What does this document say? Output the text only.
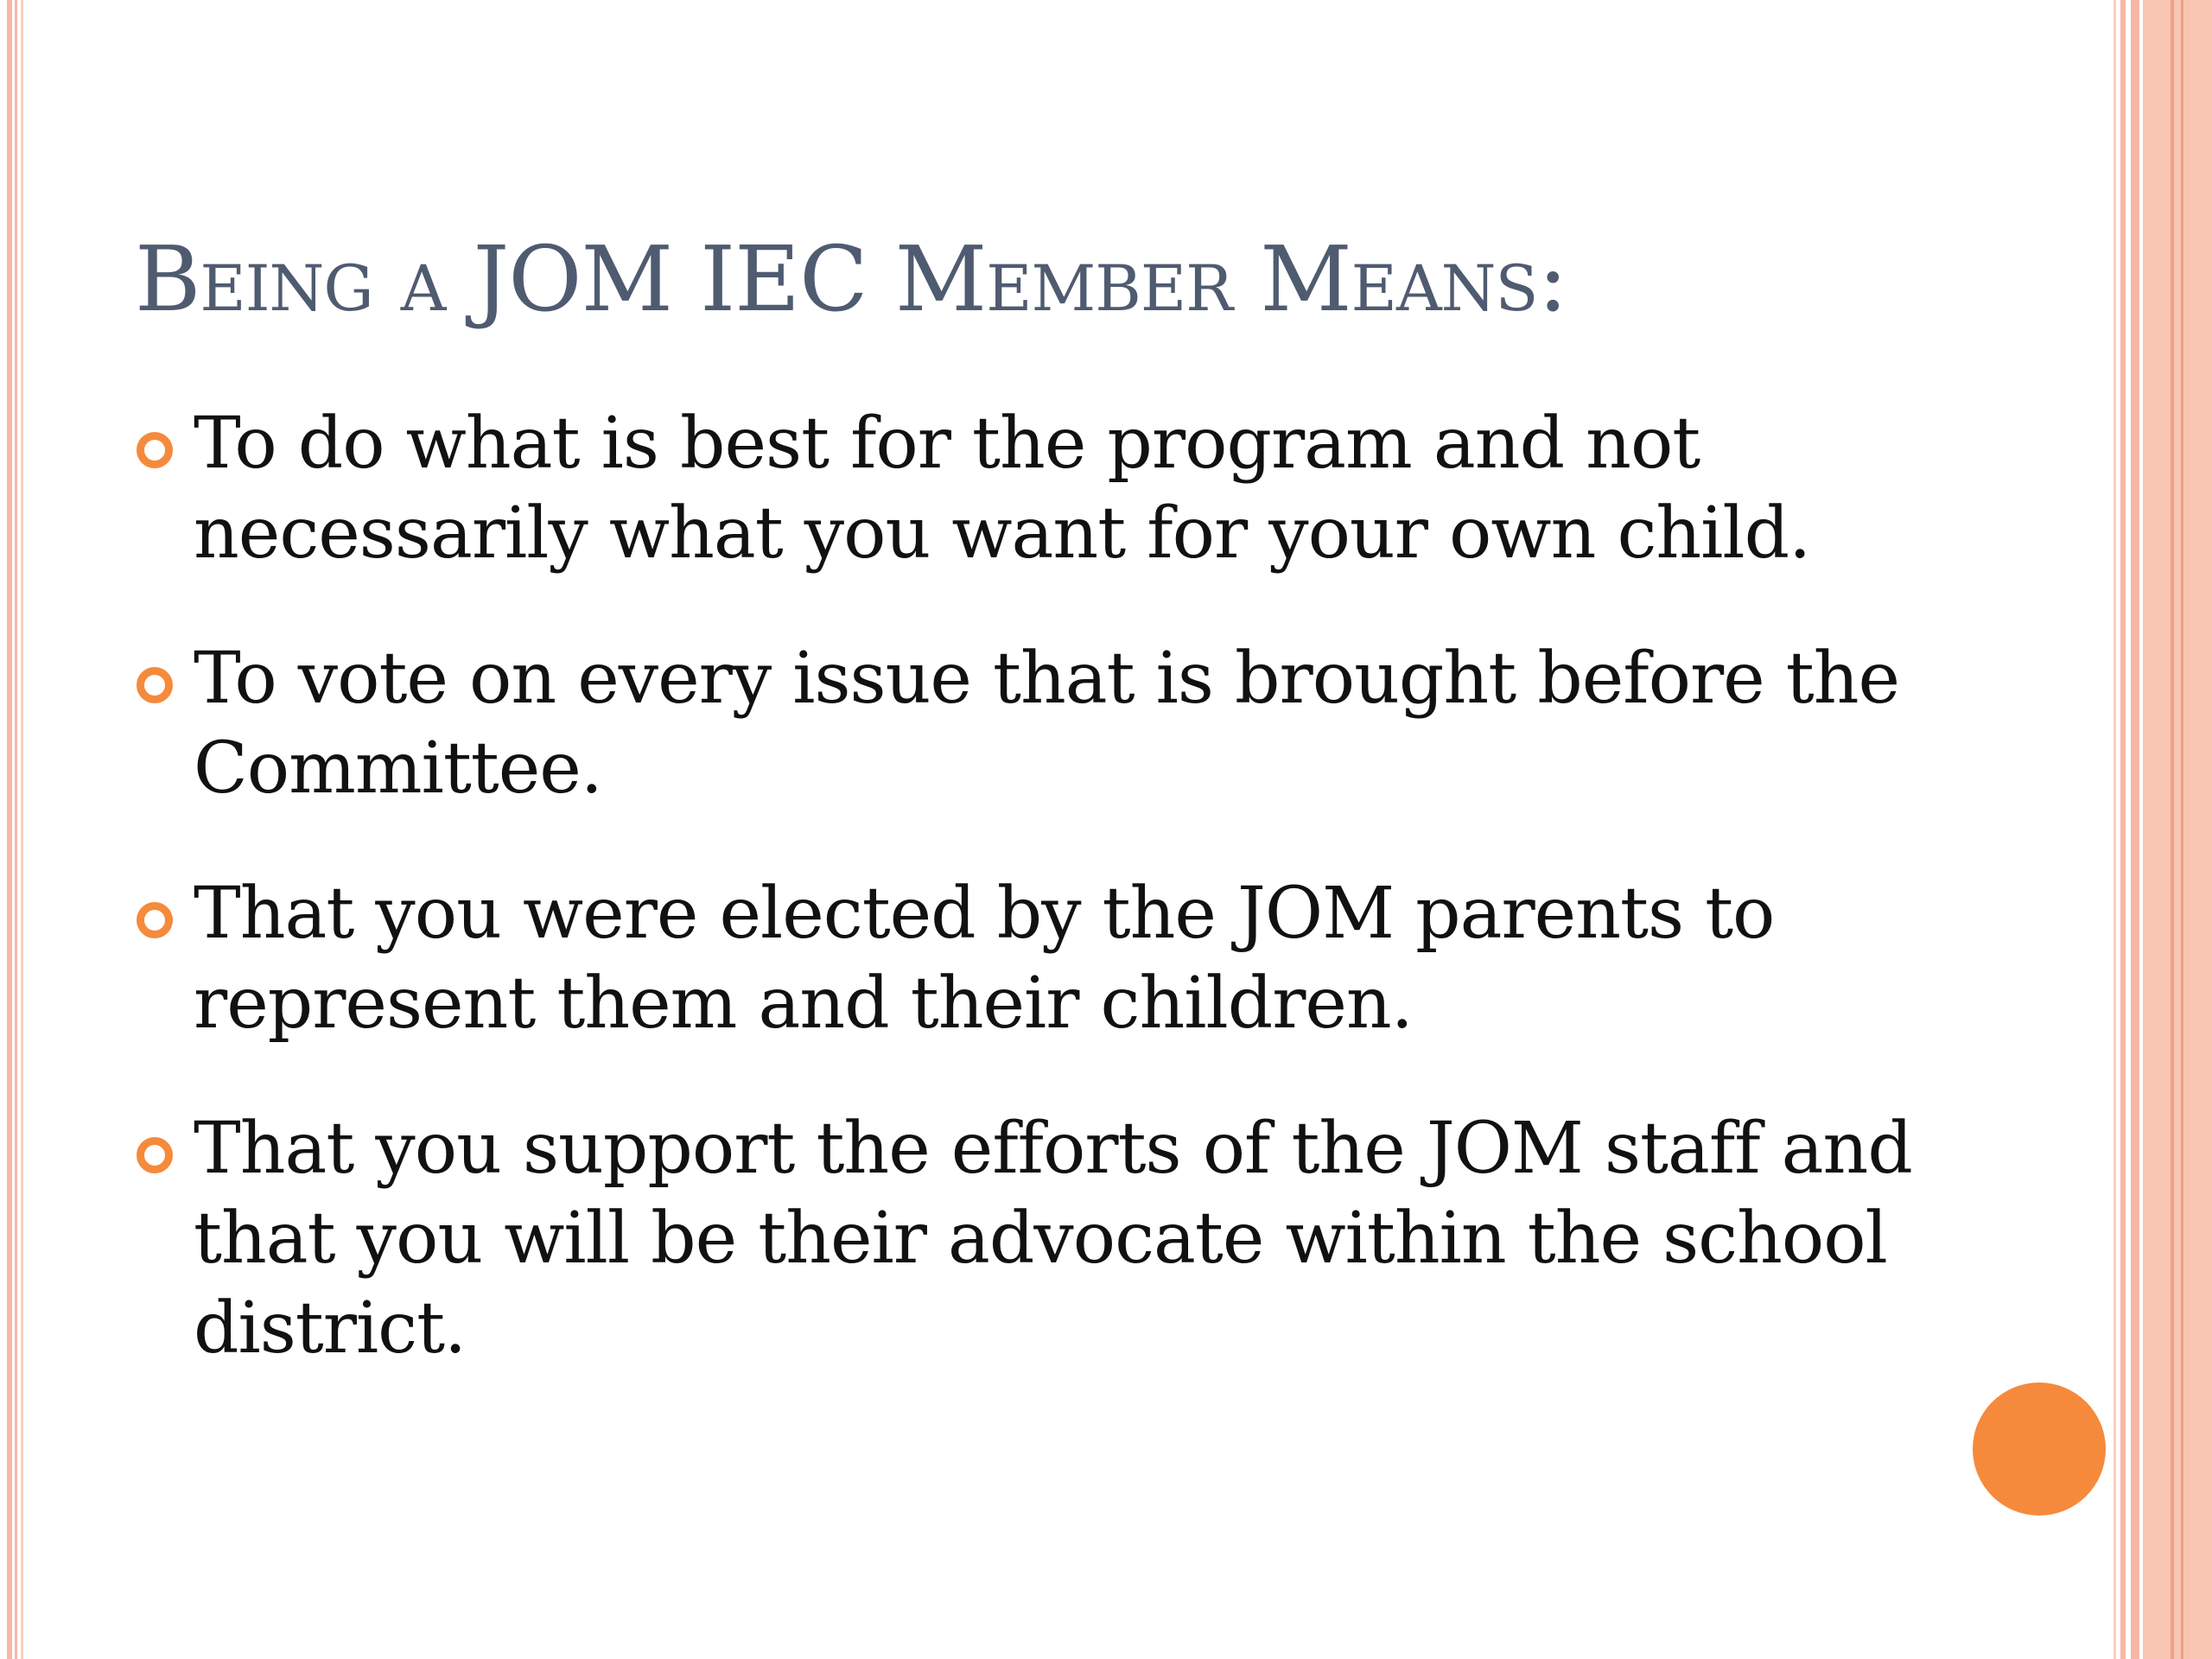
Being a JOM IEC Member Means:
To do what is best for the program and not necessarily what you want for your own child.
To vote on every issue that is brought before the Committee.
That you were elected by the JOM parents to represent them and their children.
That you support the efforts of the JOM staff and that you will be their advocate within the school district.
